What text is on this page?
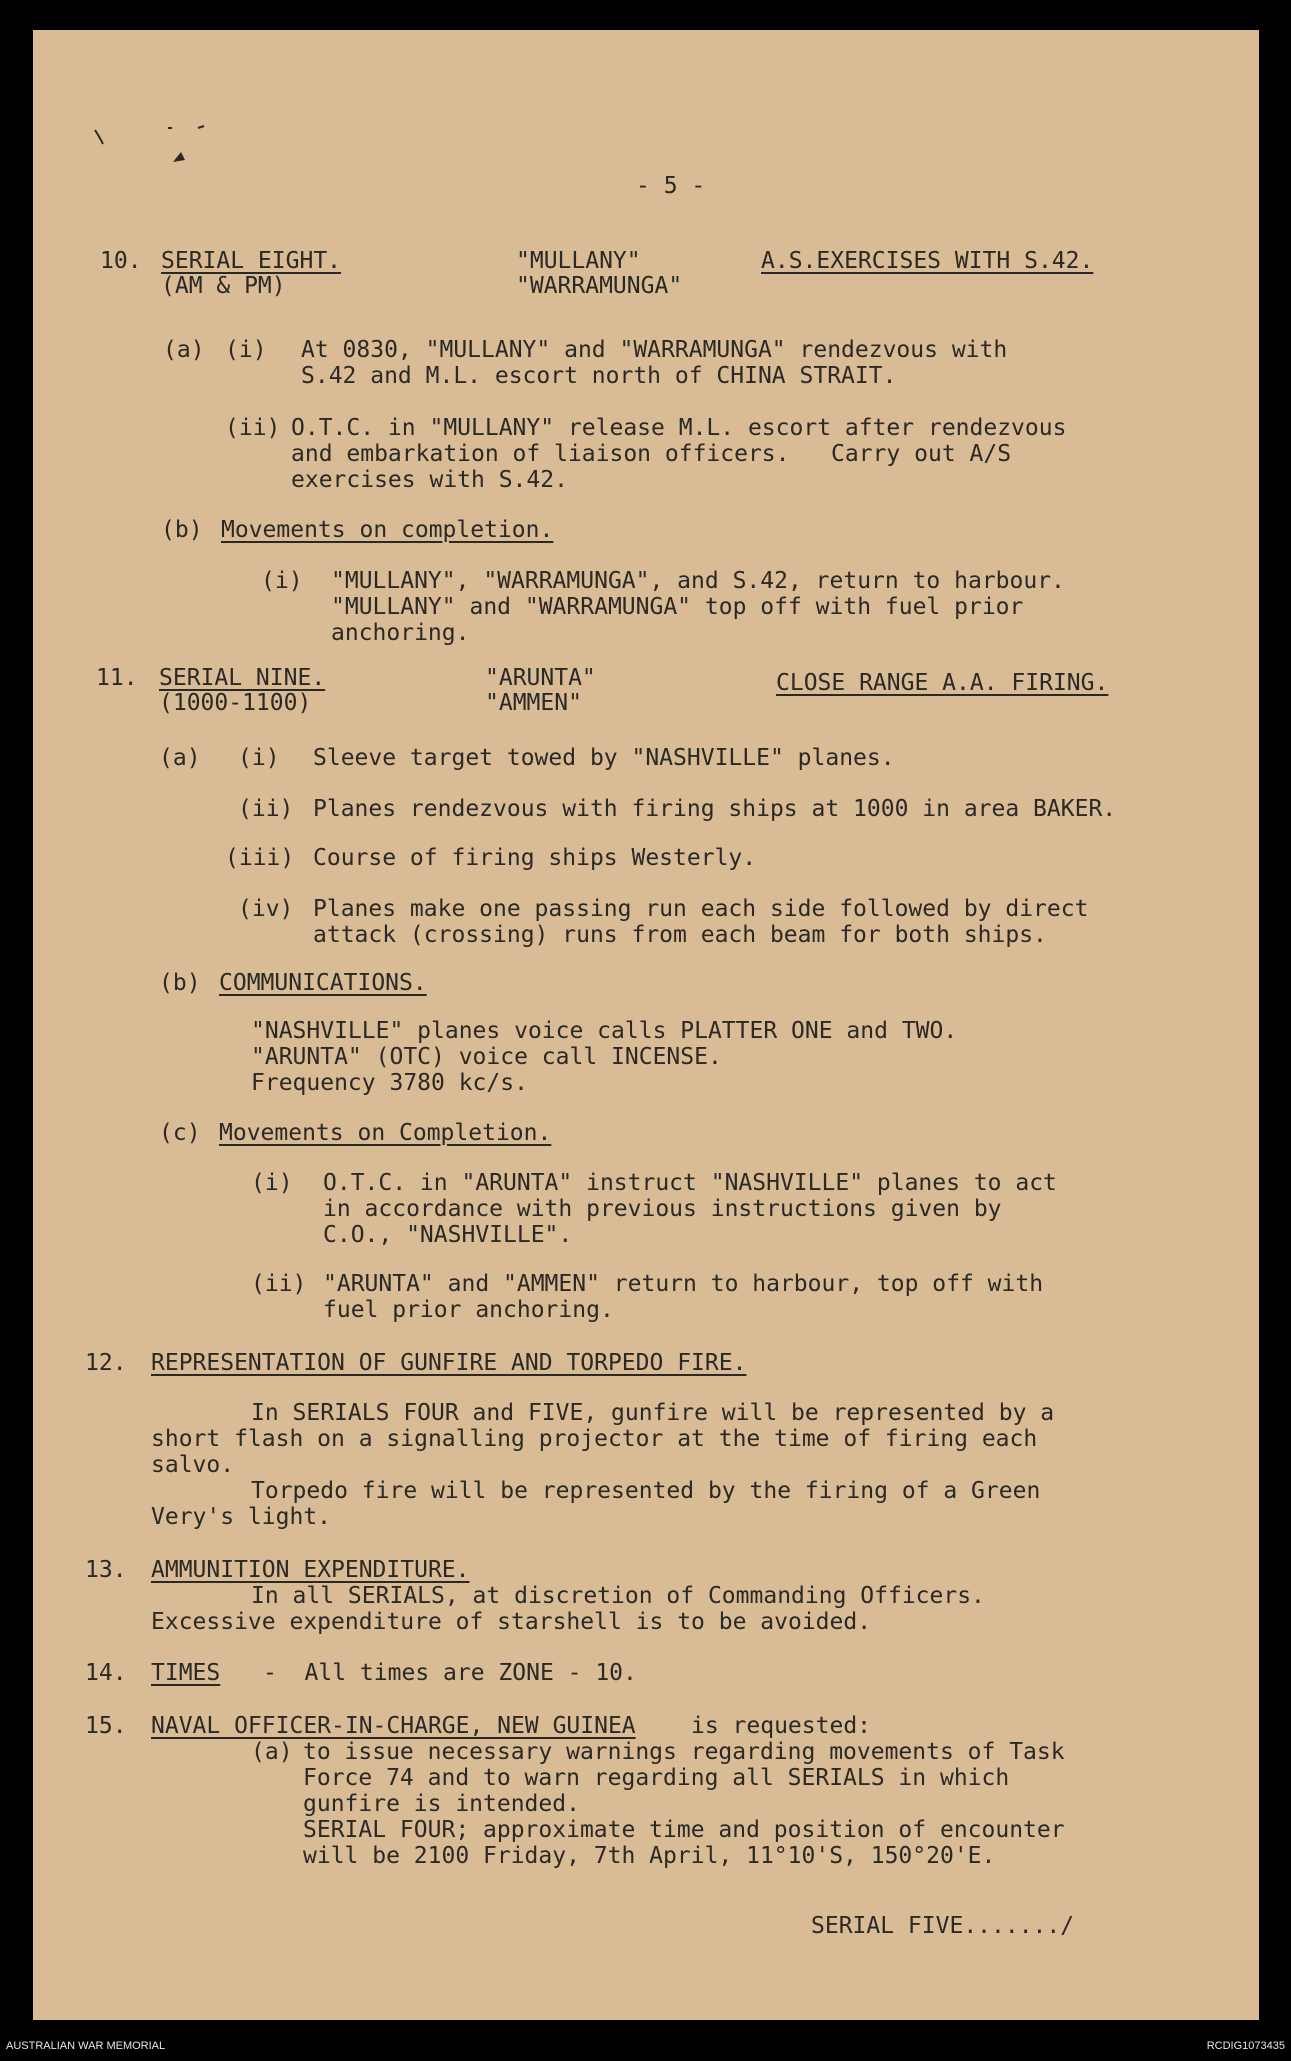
- 5 -
10. SERIAL EIGHT.
(AM & PM)
"MULLANY"
"WARRAMUNGA"
A.S.EXERCISES WITH S.42.
(a) (i) At 0830, "MULLANY" and "WARRAMUNGA" rendezvous with
S.42 and M.L. escort north of CHINA STRAIT.
(ii) O.T.C. in "MULLANY" release M.L. escort after rendezvous
and embarkation of liaison officers.   Carry out A/S
exercises with S.42.
(b) Movements on completion.
(i) "MULLANY", "WARRAMUNGA", and S.42, return to harbour.
"MULLANY" and "WARRAMUNGA" top off with fuel prior
anchoring.
11. SERIAL NINE.
(1000-1100)
"ARUNTA"
"AMMEN"
CLOSE RANGE A.A. FIRING.
(a) (i) Sleeve target towed by "NASHVILLE" planes.
(ii) Planes rendezvous with firing ships at 1000 in area BAKER.
(iii) Course of firing ships Westerly.
(iv) Planes make one passing run each side followed by direct
attack (crossing) runs from each beam for both ships.
(b) COMMUNICATIONS.
"NASHVILLE" planes voice calls PLATTER ONE and TWO.
"ARUNTA" (OTC) voice call INCENSE.
Frequency 3780 kc/s.
(c) Movements on Completion.
(i) O.T.C. in "ARUNTA" instruct "NASHVILLE" planes to act
in accordance with previous instructions given by
C.O., "NASHVILLE".
(ii) "ARUNTA" and "AMMEN" return to harbour, top off with
fuel prior anchoring.
12. REPRESENTATION OF GUNFIRE AND TORPEDO FIRE.
In SERIALS FOUR and FIVE, gunfire will be represented by a
short flash on a signalling projector at the time of firing each
salvo.
Torpedo fire will be represented by the firing of a Green
Very's light.
13. AMMUNITION EXPENDITURE.
In all SERIALS, at discretion of Commanding Officers.
Excessive expenditure of starshell is to be avoided.
14. TIMES -  All times are ZONE - 10.
15. NAVAL OFFICER-IN-CHARGE, NEW GUINEA is requested:
(a) to issue necessary warnings regarding movements of Task
Force 74 and to warn regarding all SERIALS in which
gunfire is intended.
SERIAL FOUR; approximate time and position of encounter
will be 2100 Friday, 7th April, 11°10'S, 150°20'E.
SERIAL FIVE......./
AUSTRALIAN WAR MEMORIAL	RCDIG1073435
